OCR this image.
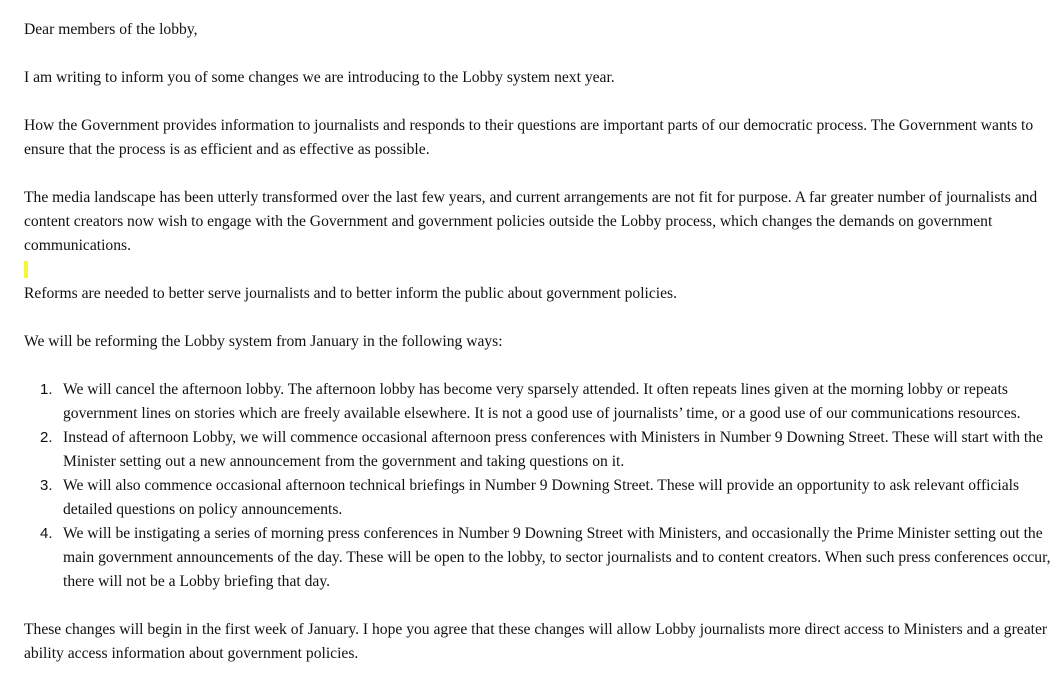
Dear members of the lobby,

I am writing to inform you of some changes we are introducing to the Lobby system next year.

How the Government provides information to journalists and responds to their questions are important parts of our democratic process. The Government wants to ensure that the process is as efficient and as effective as possible.

The media landscape has been utterly transformed over the last few years, and current arrangements are not fit for purpose. A far greater number of journalists and content creators now wish to engage with the Government and government policies outside the Lobby process, which changes the demands on government communications.

Reforms are needed to better serve journalists and to better inform the public about government policies.

We will be reforming the Lobby system from January in the following ways:

1. We will cancel the afternoon lobby. The afternoon lobby has become very sparsely attended. It often repeats lines given at the morning lobby or repeats government lines on stories which are freely available elsewhere. It is not a good use of journalists’ time, or a good use of our communications resources.
2. Instead of afternoon Lobby, we will commence occasional afternoon press conferences with Ministers in Number 9 Downing Street. These will start with the Minister setting out a new announcement from the government and taking questions on it.
3. We will also commence occasional afternoon technical briefings in Number 9 Downing Street. These will provide an opportunity to ask relevant officials detailed questions on policy announcements.
4. We will be instigating a series of morning press conferences in Number 9 Downing Street with Ministers, and occasionally the Prime Minister setting out the main government announcements of the day. These will be open to the lobby, to sector journalists and to content creators. When such press conferences occur, there will not be a Lobby briefing that day.

These changes will begin in the first week of January. I hope you agree that these changes will allow Lobby journalists more direct access to Ministers and a greater ability access information about government policies.
